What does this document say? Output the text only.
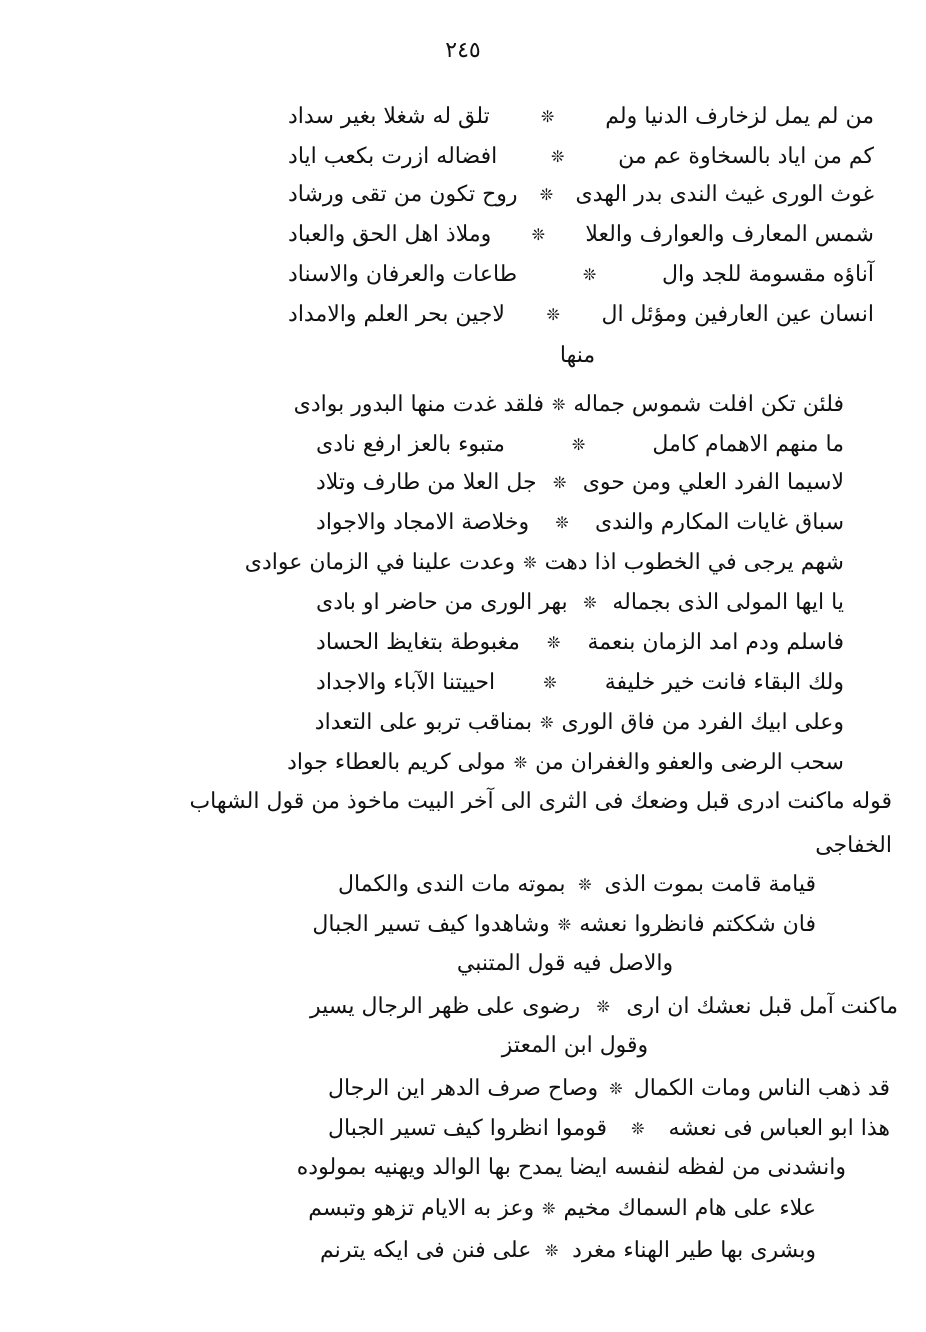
٢٤٥
من لم يمل لزخارف الدنيا ولم
❊
تلق له شغلا بغير سداد
كم من اياد بالسخاوة عم من
❊
افضاله ازرت بكعب اياد
غوث الورى غيث الندى بدر الهدى
❊
روح تكون من تقى ورشاد
شمس المعارف والعوارف والعلا
❊
وملاذ اهل الحق والعباد
آناؤه مقسومة للجد وال
❊
طاعات والعرفان والاسناد
انسان عين العارفين ومؤئل ال
❊
لاجين بحر العلم والامداد
منها
فلئن تكن افلت شموس جماله
❊
فلقد غدت منها البدور بوادى
ما منهم الاهمام كامل
❊
متبوء بالعز ارفع نادى
لاسيما الفرد العلي ومن حوى
❊
جل العلا من طارف وتلاد
سباق غايات المكارم والندى
❊
وخلاصة الامجاد والاجواد
شهم يرجى في الخطوب اذا دهت
❊
وعدت علينا في الزمان عوادى
يا ايها المولى الذى بجماله
❊
بهر الورى من حاضر او بادى
فاسلم ودم امد الزمان بنعمة
❊
مغبوطة بتغايظ الحساد
ولك البقاء فانت خير خليفة
❊
احييتنا الآباء والاجداد
وعلى ابيك الفرد من فاق الورى
❊
بمناقب تربو على التعداد
سحب الرضى والعفو والغفران من
❊
مولى كريم بالعطاء جواد
قوله ماكنت ادرى قبل وضعك فى الثرى الى آخر البيت ماخوذ من قول الشهاب
الخفاجى
قيامة قامت بموت الذى
❊
بموته مات الندى والكمال
فان شككتم فانظروا نعشه
❊
وشاهدوا كيف تسير الجبال
والاصل فيه قول المتنبي
ماكنت آمل قبل نعشك ان ارى
❊
رضوى على ظهر الرجال يسير
وقول ابن المعتز
قد ذهب الناس ومات الكمال
❊
وصاح صرف الدهر اين الرجال
هذا ابو العباس فى نعشه
❊
قوموا انظروا كيف تسير الجبال
وانشدنى من لفظه لنفسه ايضا يمدح بها الوالد ويهنيه بمولوده
علاء على هام السماك مخيم
❊
وعز به الايام تزهو وتبسم
وبشرى بها طير الهناء مغرد
❊
على فنن فى ايكه يترنم
